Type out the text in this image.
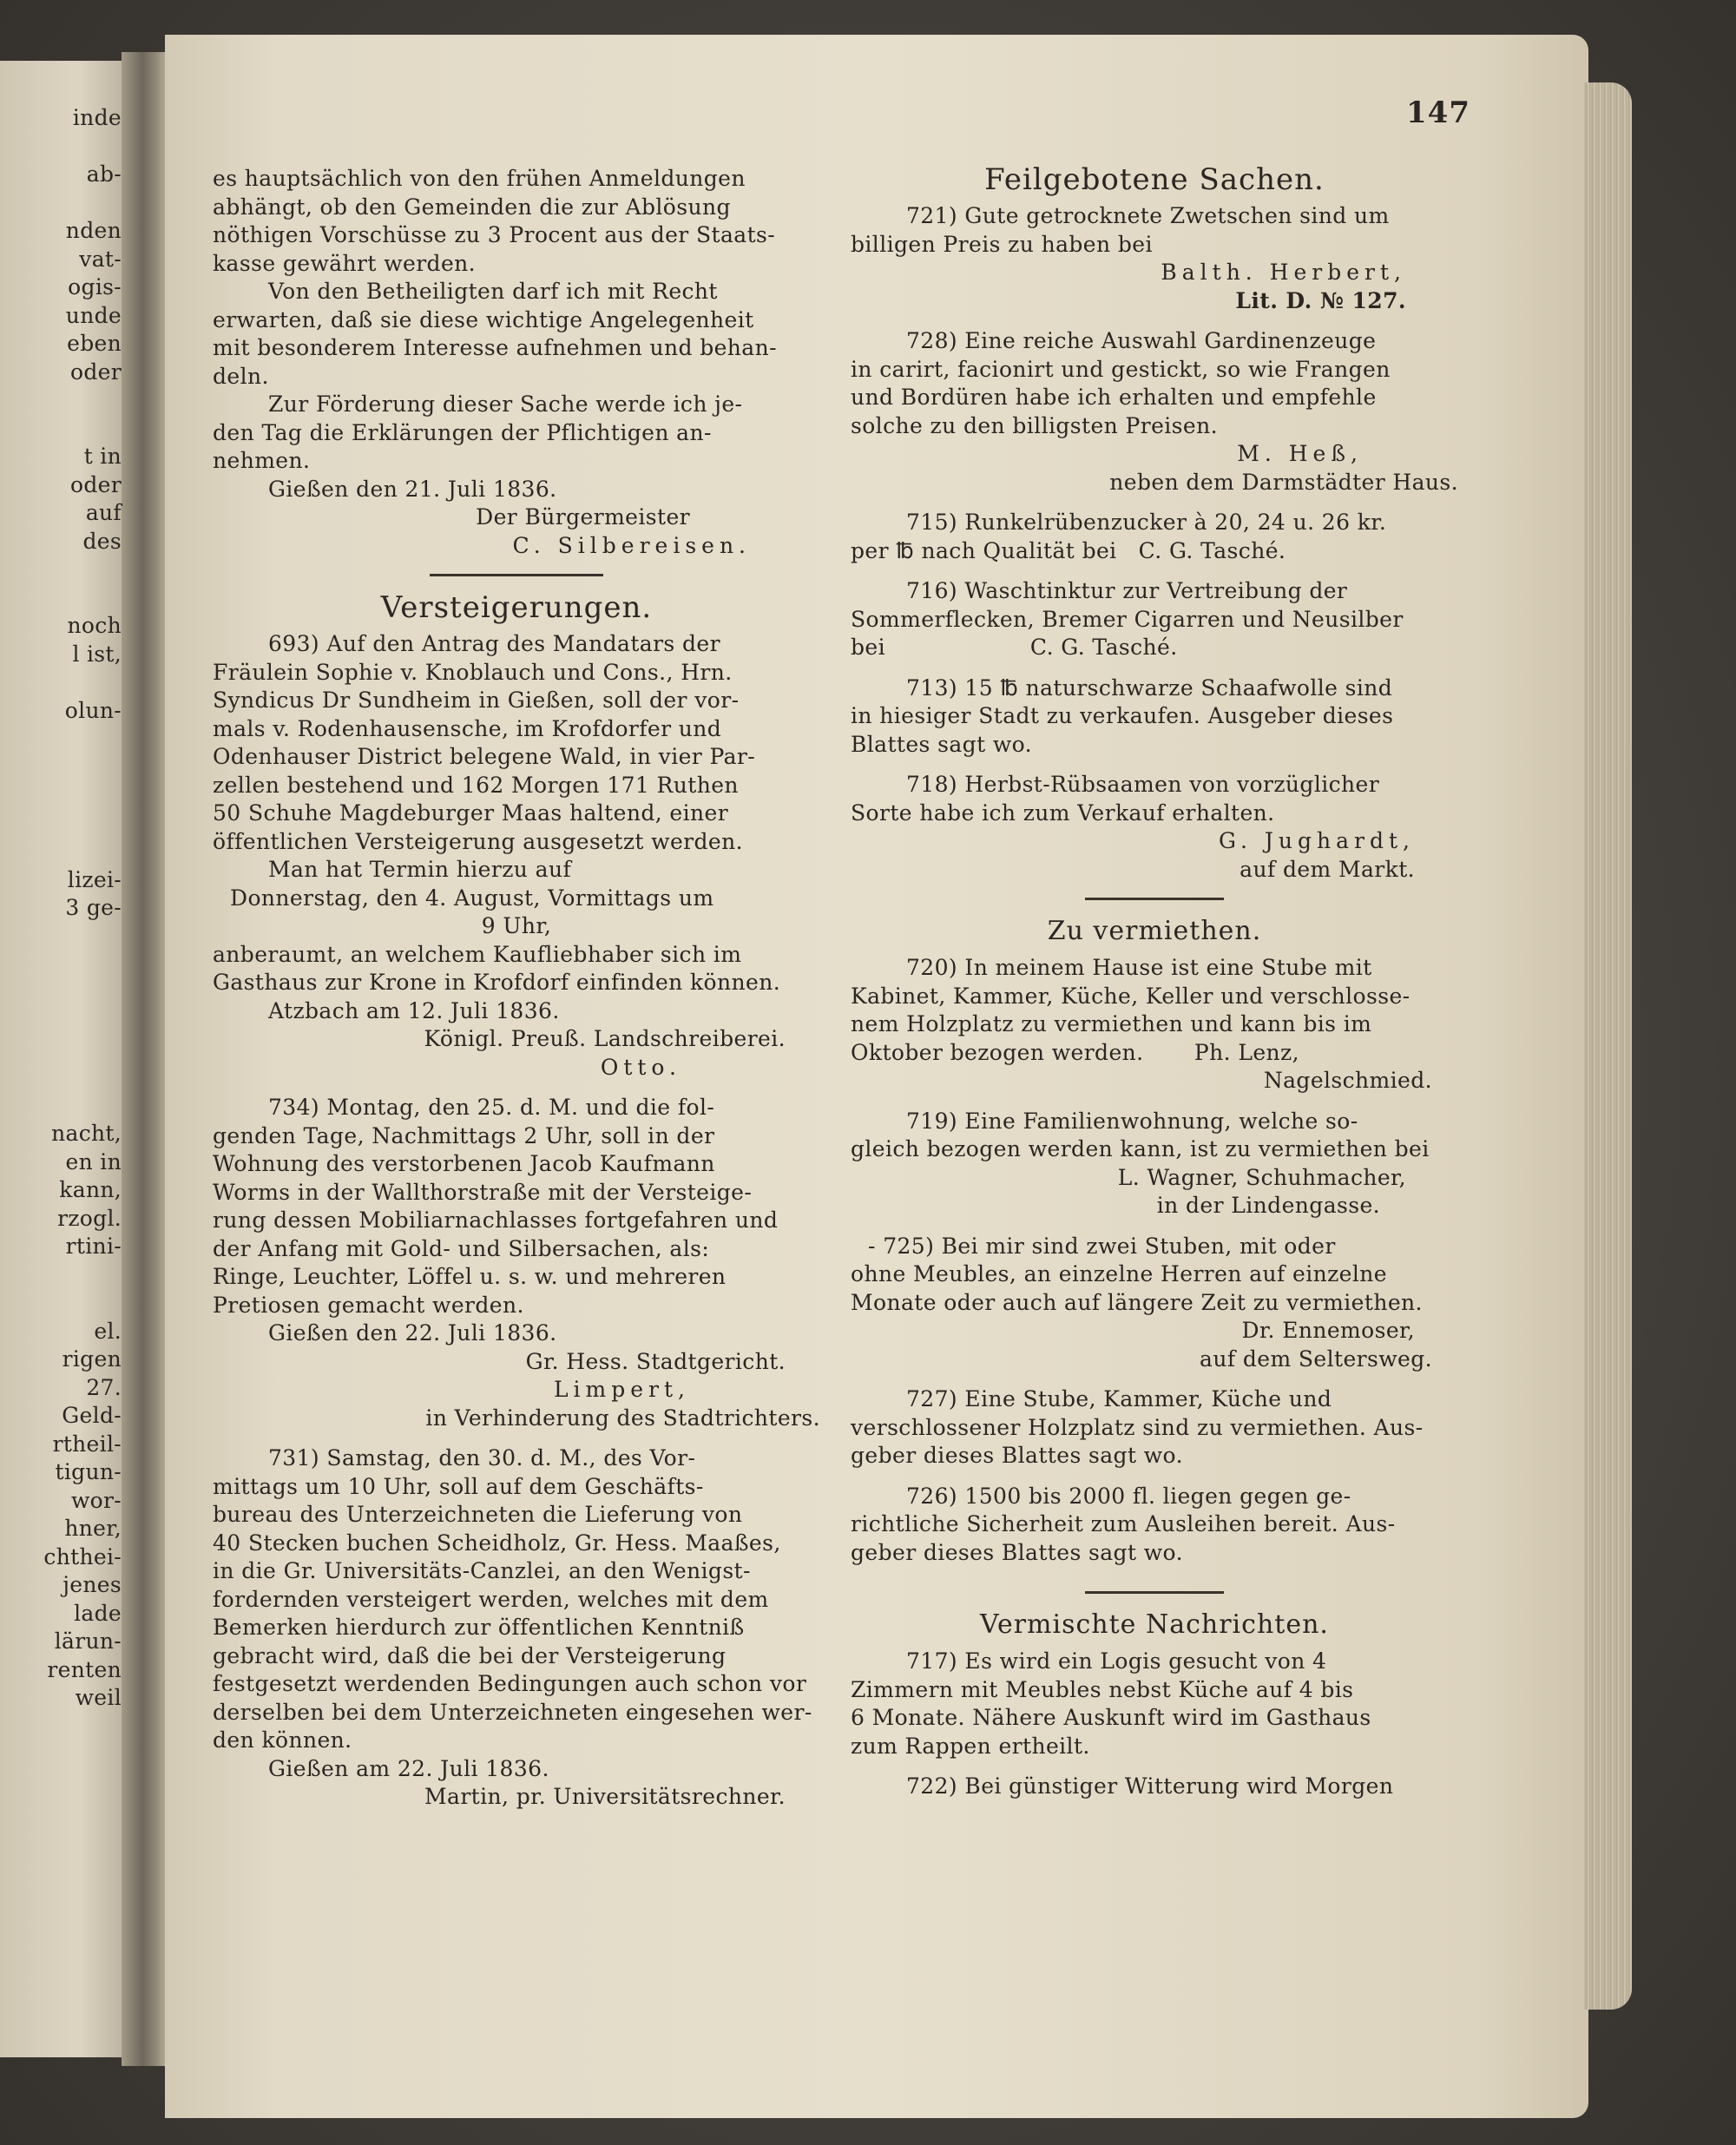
inde
ab-
nden
vat-
ogis-
unde
eben
oder
t in
oder
auf
des
noch
l ist,
olun-
lizei-
3 ge-
nacht,
en in
kann,
rzogl.
rtini-
el.
rigen
27.
Geld-
rtheil-
tigun-
wor-
hner,
chthei-
jenes
lade
lärun-
renten
weil
147

es hauptsächlich von den frühen Anmeldungen

abhängt, ob den Gemeinden die zur Ablösung

nöthigen Vorschüsse zu 3 Procent aus der Staats-

kasse gewährt werden.

Von den Betheiligten darf ich mit Recht

erwarten, daß sie diese wichtige Angelegenheit

mit besonderem Interesse aufnehmen und behan-

deln.

Zur Förderung dieser Sache werde ich je-

den Tag die Erklärungen der Pflichtigen an-

nehmen.

Gießen den 21. Juli 1836.

Der Bürgermeister

C. Silbereisen.

Versteigerungen.

693) Auf den Antrag des Mandatars der

Fräulein Sophie v. Knoblauch und Cons., Hrn.

Syndicus Dr Sundheim in Gießen, soll der vor-

mals v. Rodenhausensche, im Krofdorfer und

Odenhauser District belegene Wald, in vier Par-

zellen bestehend und 162 Morgen 171 Ruthen

50 Schuhe Magdeburger Maas haltend, einer

öffentlichen Versteigerung ausgesetzt werden.

Man hat Termin hierzu auf

Donnerstag, den 4. August, Vormittags um

9 Uhr,

anberaumt, an welchem Kaufliebhaber sich im

Gasthaus zur Krone in Krofdorf einfinden können.

Atzbach am 12. Juli 1836.

Königl. Preuß. Landschreiberei.

Otto.

734) Montag, den 25. d. M. und die fol-

genden Tage, Nachmittags 2 Uhr, soll in der

Wohnung des verstorbenen Jacob Kaufmann

Worms in der Wallthorstraße mit der Versteige-

rung dessen Mobiliarnachlasses fortgefahren und

der Anfang mit Gold- und Silbersachen, als:

Ringe, Leuchter, Löffel u. s. w. und mehreren

Pretiosen gemacht werden.

Gießen den 22. Juli 1836.

Gr. Hess. Stadtgericht.

Limpert,

in Verhinderung des Stadtrichters.

731) Samstag, den 30. d. M., des Vor-

mittags um 10 Uhr, soll auf dem Geschäfts-

bureau des Unterzeichneten die Lieferung von

40 Stecken buchen Scheidholz, Gr. Hess. Maaßes,

in die Gr. Universitäts-Canzlei, an den Wenigst-

fordernden versteigert werden, welches mit dem

Bemerken hierdurch zur öffentlichen Kenntniß

gebracht wird, daß die bei der Versteigerung

festgesetzt werdenden Bedingungen auch schon vor

derselben bei dem Unterzeichneten eingesehen wer-

den können.

Gießen am 22. Juli 1836.

Martin, pr. Universitätsrechner.

Feilgebotene Sachen.

721) Gute getrocknete Zwetschen sind um

billigen Preis zu haben bei

Balth. Herbert,

Lit. D. № 127.

728) Eine reiche Auswahl Gardinenzeuge

in carirt, facionirt und gestickt, so wie Frangen

und Bordüren habe ich erhalten und empfehle

solche zu den billigsten Preisen.

M. Heß,

neben dem Darmstädter Haus.

715) Runkelrübenzucker à 20, 24 u. 26 kr.

per ℔ nach Qualität bei   C. G. Tasché.

716) Waschtinktur zur Vertreibung der

Sommerflecken, Bremer Cigarren und Neusilber

bei                    C. G. Tasché.

713) 15 ℔ naturschwarze Schaafwolle sind

in hiesiger Stadt zu verkaufen. Ausgeber dieses

Blattes sagt wo.

718) Herbst-Rübsaamen von vorzüglicher

Sorte habe ich zum Verkauf erhalten.

G. Jughardt,

auf dem Markt.

Zu vermiethen.

720) In meinem Hause ist eine Stube mit

Kabinet, Kammer, Küche, Keller und verschlosse-

nem Holzplatz zu vermiethen und kann bis im

Oktober bezogen werden.       Ph. Lenz,

Nagelschmied.

719) Eine Familienwohnung, welche so-

gleich bezogen werden kann, ist zu vermiethen bei

L. Wagner, Schuhmacher,

in der Lindengasse.

- 725) Bei mir sind zwei Stuben, mit oder

ohne Meubles, an einzelne Herren auf einzelne

Monate oder auch auf längere Zeit zu vermiethen.

Dr. Ennemoser,

auf dem Seltersweg.

727) Eine Stube, Kammer, Küche und

verschlossener Holzplatz sind zu vermiethen. Aus-

geber dieses Blattes sagt wo.

726) 1500 bis 2000 fl. liegen gegen ge-

richtliche Sicherheit zum Ausleihen bereit. Aus-

geber dieses Blattes sagt wo.

Vermischte Nachrichten.

717) Es wird ein Logis gesucht von 4

Zimmern mit Meubles nebst Küche auf 4 bis

6 Monate. Nähere Auskunft wird im Gasthaus

zum Rappen ertheilt.

722) Bei günstiger Witterung wird Morgen
